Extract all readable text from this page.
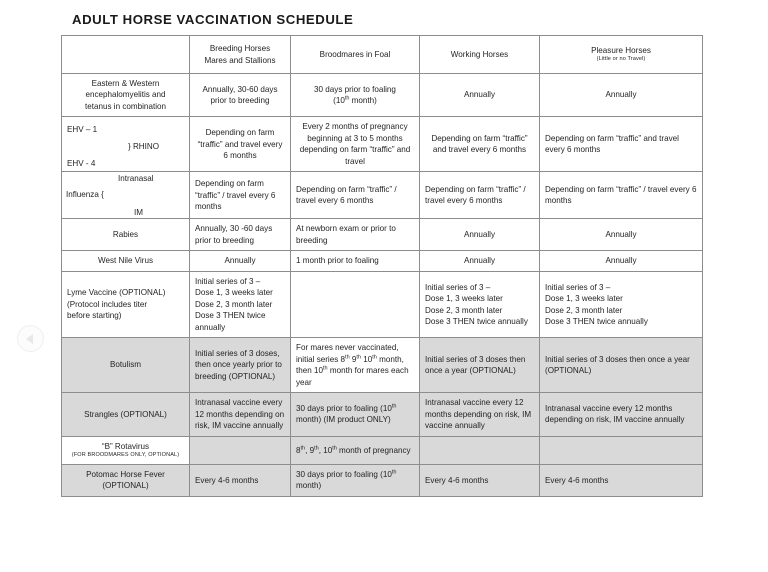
ADULT HORSE VACCINATION SCHEDULE

	Breeding Horses
Mares and Stallions	Broodmares in Foal	Working Horses	Pleasure Horses
(Little or no Travel)

Eastern & Western
encephalomyelitis and
tetanus in combination	Annually, 30-60 days prior to breeding	30 days prior to foaling
(10th month)	Annually	Annually

EHV – 1
} RHINO
EHV - 4	Depending on farm “traffic” and travel every 6 months	Every 2 months of pregnancy beginning at 3 to 5 months depending on farm “traffic” and travel	Depending on farm “traffic” and travel every 6 months	Depending on farm “traffic” and travel every 6 months

Intranasal
Influenza {
IM	Depending on farm “traffic” / travel every 6 months	Depending on farm “traffic” / travel every 6 months	Depending on farm “traffic” / travel every 6 months	Depending on farm “traffic” / travel every 6 months
Rabies	Annually, 30 -60 days prior to breeding	At newborn exam or prior to breeding	Annually	Annually
West Nile Virus	Annually	1 month prior to foaling	Annually	Annually
Lyme Vaccine (OPTIONAL)
(Protocol includes titer
before starting)	Initial series of 3 –
Dose 1, 3 weeks later
Dose 2, 3 month later
Dose 3 THEN twice
annually		Initial series of 3 –
Dose 1, 3 weeks later
Dose 2, 3 month later
Dose 3 THEN twice annually	Initial series of 3 –
Dose 1, 3 weeks later
Dose 2, 3 month later
Dose 3 THEN twice annually
Botulism	Initial series of 3 doses, then once yearly prior to breeding (OPTIONAL)	For mares never vaccinated, initial series 8th 9th 10th month, then 10th month for mares each year	Initial series of 3 doses then once a year (OPTIONAL)	Initial series of 3 doses then once a year (OPTIONAL)
Strangles (OPTIONAL)	Intranasal vaccine every 12 months depending on risk, IM vaccine annually	30 days prior to foaling (10th month) (IM product ONLY)	Intranasal vaccine every 12 months depending on risk, IM vaccine annually	Intranasal vaccine every 12 months depending on risk, IM vaccine annually
“B” Rotavirus
(FOR BROODMARES ONLY, OPTIONAL)		8th, 9th, 10th month of pregnancy		
Potomac Horse Fever
(OPTIONAL)	Every 4-6 months	30 days prior to foaling (10th month)	Every 4-6 months	Every 4-6 months
